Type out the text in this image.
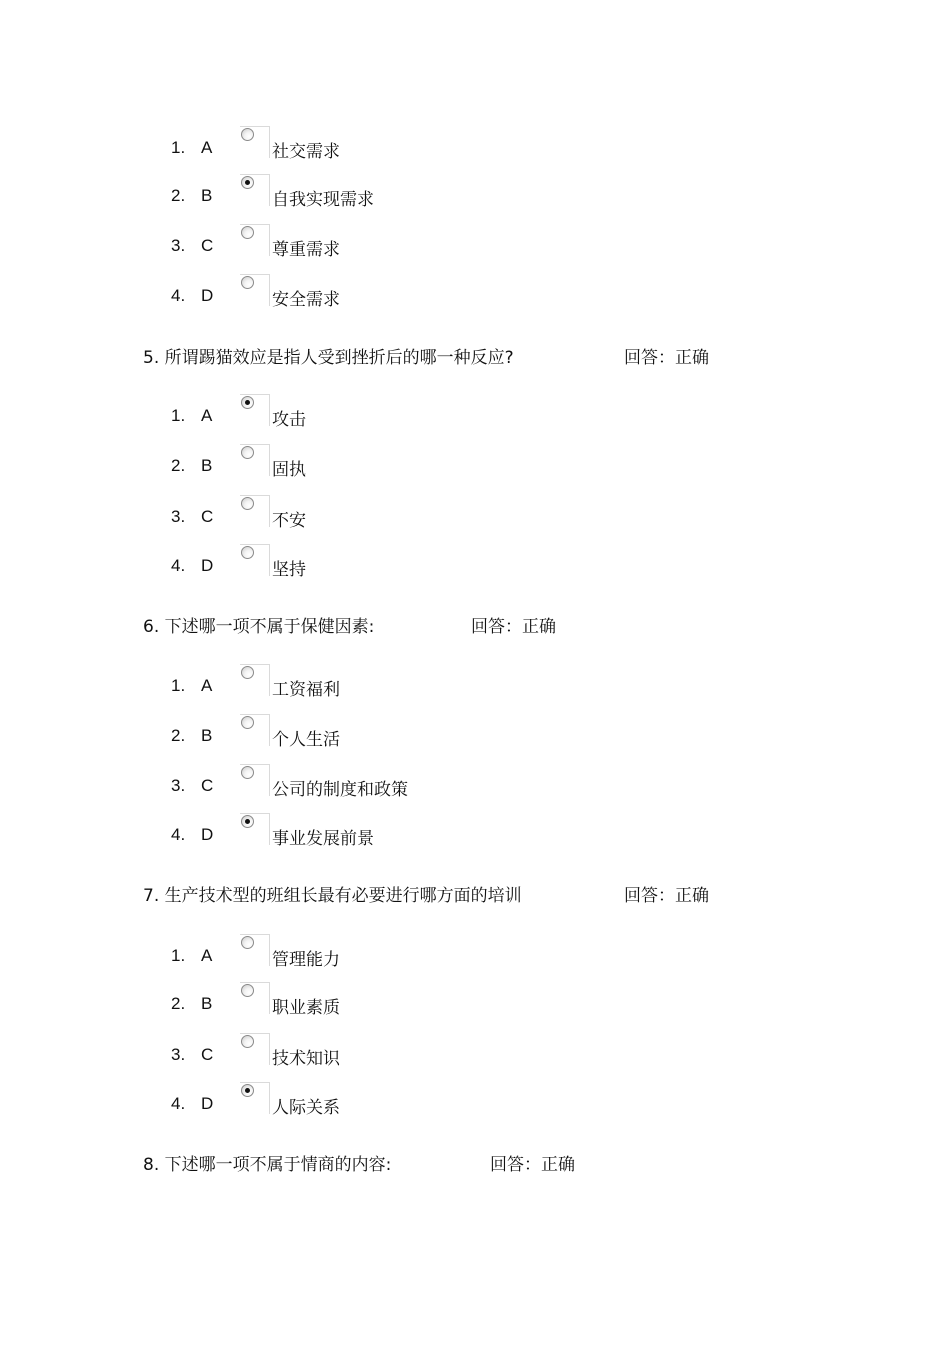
1. A	社交需求
2. B	自我实现需求
3. C	尊重需求
4. D	安全需求
5. 所谓踢猫效应是指人受到挫折后的哪一种反应?	回答：正确
1. A	攻击
2. B	固执
3. C	不安
4. D	坚持
6. 下述哪一项不属于保健因素:	回答：正确
1. A	工资福利
2. B	个人生活
3. C	公司的制度和政策
4. D	事业发展前景
7. 生产技术型的班组长最有必要进行哪方面的培训	回答：正确
1. A	管理能力
2. B	职业素质
3. C	技术知识
4. D	人际关系
8. 下述哪一项不属于情商的内容:	回答：正确
